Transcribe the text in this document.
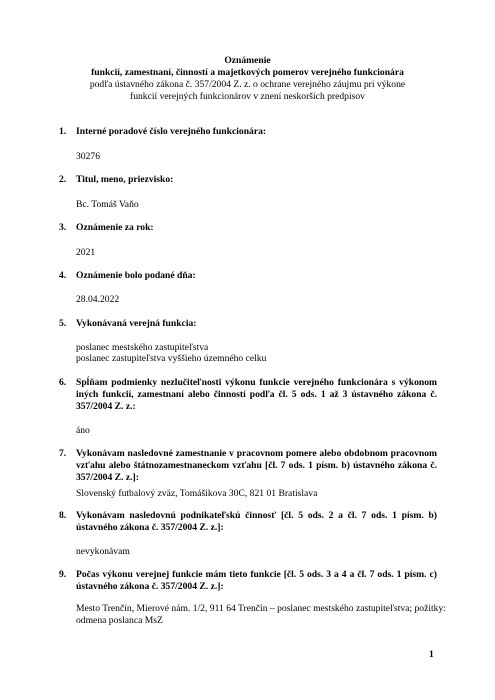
Oznámenie
funkcií, zamestnaní, činností a majetkových pomerov verejného funkcionára
podľa ústavného zákona č. 357/2004 Z. z. o ochrane verejného záujmu pri výkone
funkcií verejných funkcionárov v znení neskorších predpisov
1. Interné poradové číslo verejného funkcionára:
30276
2. Titul, meno, priezvisko:
Bc. Tomáš Vaňo
3. Oznámenie za rok:
2021
4. Oznámenie bolo podané dňa:
28.04.2022
5. Vykonávaná verejná funkcia:
poslanec mestského zastupiteľstva
poslanec zastupiteľstva vyššieho územného celku
6. Spĺňam podmienky nezlučiteľnosti výkonu funkcie verejného funkcionára s výkonom iných funkcií, zamestnaní alebo činností podľa čl. 5 ods. 1 až 3 ústavného zákona č. 357/2004 Z. z.:
áno
7. Vykonávam nasledovné zamestnanie v pracovnom pomere alebo obdobnom pracovnom vzťahu alebo štátnozamestnaneckom vzťahu [čl. 7 ods. 1 písm. b) ústavného zákona č. 357/2004 Z. z.]:
Slovenský futbalový zväz, Tomášikova 30C, 821 01 Bratislava
8. Vykonávam nasledovnú podnikateľskú činnosť [čl. 5 ods. 2 a čl. 7 ods. 1 písm. b) ústavného zákona č. 357/2004 Z. z.]:
nevykonávam
9. Počas výkonu verejnej funkcie mám tieto funkcie [čl. 5 ods. 3 a 4 a čl. 7 ods. 1 písm. c) ústavného zákona č. 357/2004 Z. z.]:
Mesto Trenčín, Mierové nám. 1/2, 911 64 Trenčín – poslanec mestského zastupiteľstva; požitky: odmena poslanca MsZ
1
